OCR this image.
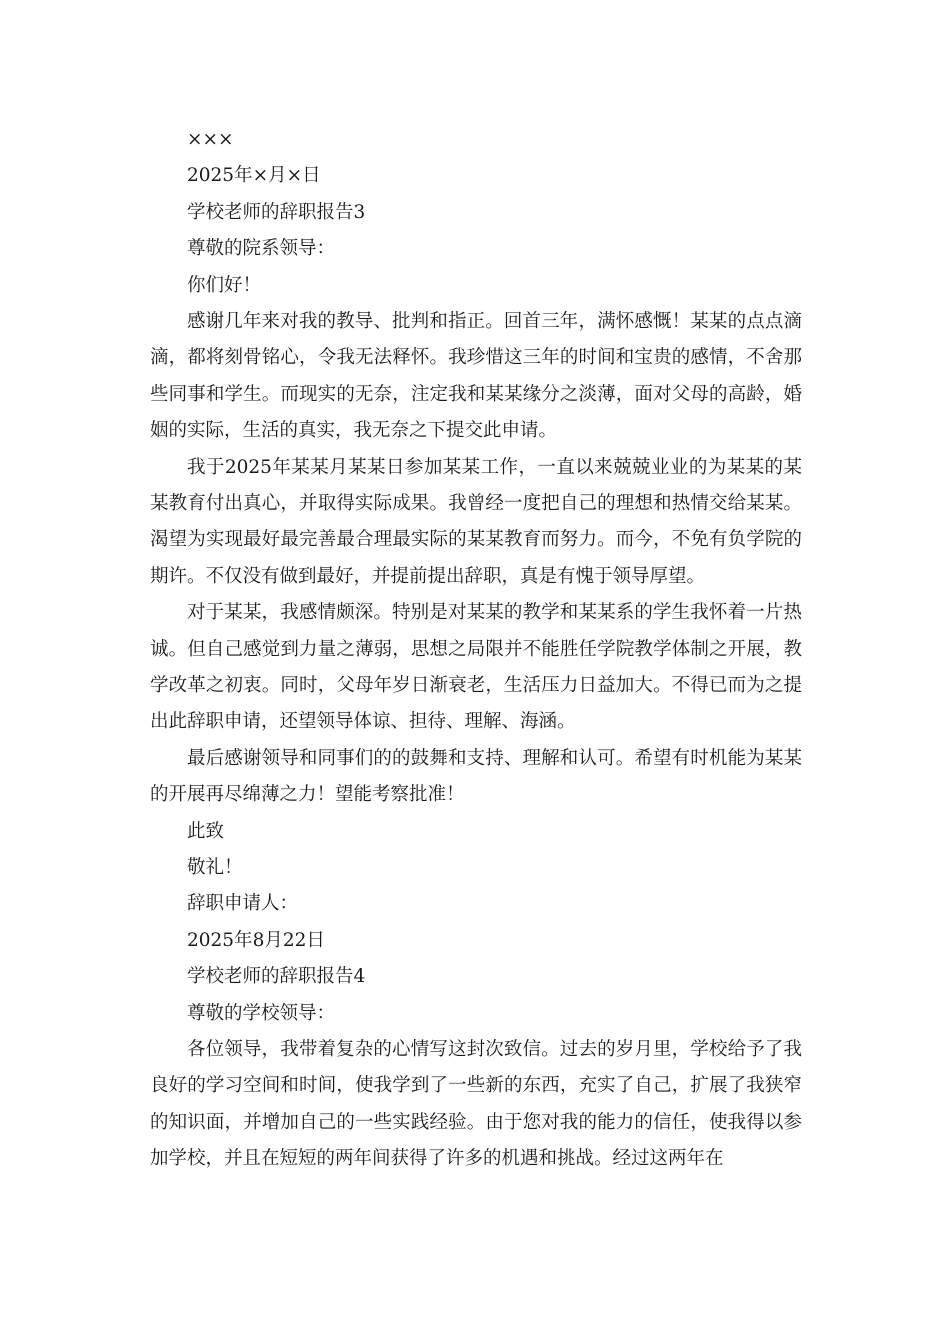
×××

2025年×月×日

学校老师的辞职报告3

尊敬的院系领导：

你们好！

感谢几年来对我的教导、批判和指正。回首三年，满怀感慨！某某的点点滴滴，都将刻骨铭心，令我无法释怀。我珍惜这三年的时间和宝贵的感情，不舍那些同事和学生。而现实的无奈，注定我和某某缘分之淡薄，面对父母的高龄，婚姻的实际，生活的真实，我无奈之下提交此申请。

我于2025年某某月某某日参加某某工作，一直以来兢兢业业的为某某的某某教育付出真心，并取得实际成果。我曾经一度把自己的理想和热情交给某某。渴望为实现最好最完善最合理最实际的某某教育而努力。而今，不免有负学院的期许。不仅没有做到最好，并提前提出辞职，真是有愧于领导厚望。

对于某某，我感情颇深。特别是对某某的教学和某某系的学生我怀着一片热诚。但自己感觉到力量之薄弱，思想之局限并不能胜任学院教学体制之开展，教学改革之初衷。同时，父母年岁日渐衰老，生活压力日益加大。不得已而为之提出此辞职申请，还望领导体谅、担待、理解、海涵。

最后感谢领导和同事们的的鼓舞和支持、理解和认可。希望有时机能为某某的开展再尽绵薄之力！望能考察批准！

此致

敬礼！

辞职申请人：

2025年8月22日

学校老师的辞职报告4

尊敬的学校领导：

各位领导，我带着复杂的心情写这封次致信。过去的岁月里，学校给予了我良好的学习空间和时间，使我学到了一些新的东西，充实了自己，扩展了我狭窄的知识面，并增加自己的一些实践经验。由于您对我的能力的信任，使我得以参加学校，并且在短短的两年间获得了许多的机遇和挑战。经过这两年在
